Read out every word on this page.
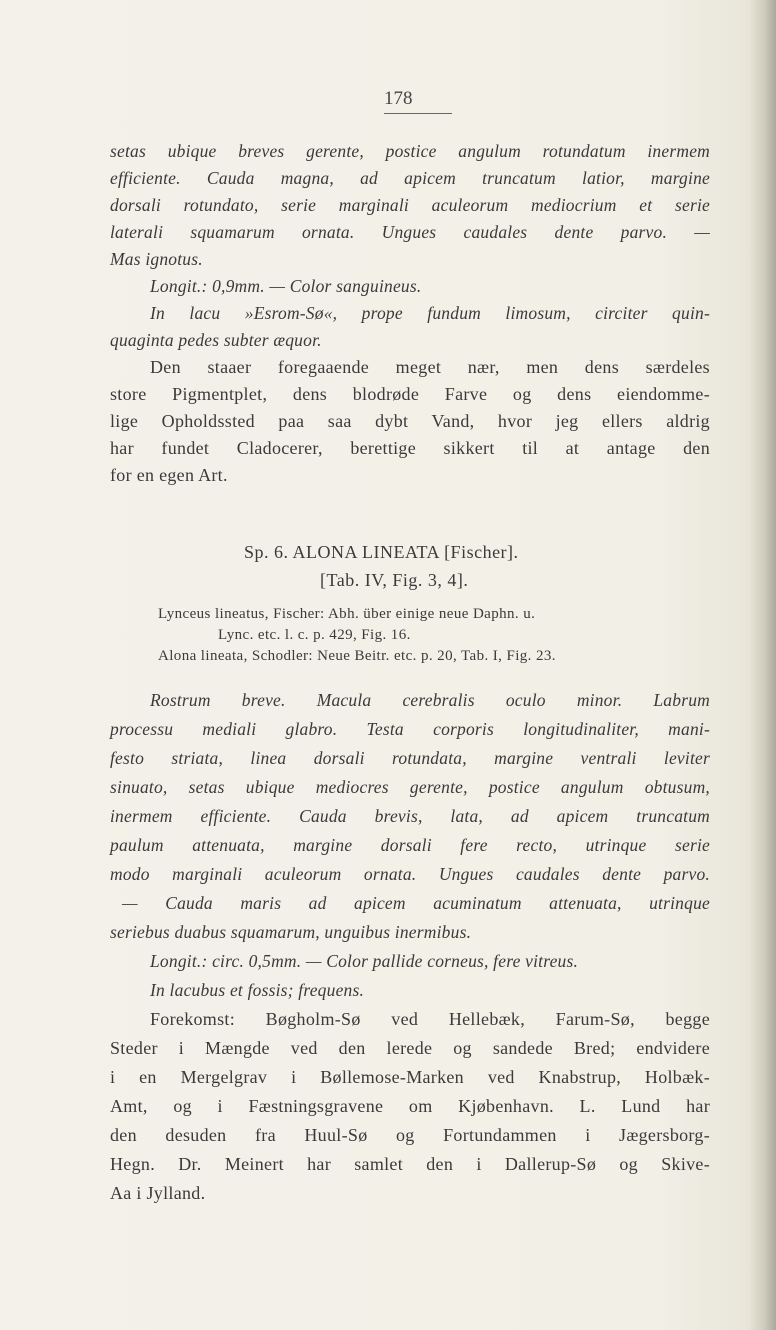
178
setas ubique breves gerente, postice angulum rotundatum inermem
efficiente. Cauda magna, ad apicem truncatum latior, margine
dorsali rotundato, serie marginali aculeorum mediocrium et serie
laterali squamarum ornata. Ungues caudales dente parvo. —
Mas ignotus.
Longit.: 0,9mm. — Color sanguineus.
In lacu »Esrom-Sø«, prope fundum limosum, circiter quin-
quaginta pedes subter æquor.
Den staaer foregaaende meget nær, men dens særdeles
store Pigmentplet, dens blodrøde Farve og dens eiendomme-
lige Opholdssted paa saa dybt Vand, hvor jeg ellers aldrig
har fundet Cladocerer, berettige sikkert til at antage den
for en egen Art.
Sp. 6. ALONA LINEATA [Fischer].
[Tab. IV, Fig. 3, 4].
Lynceus lineatus, Fischer: Abh. über einige neue Daphn. u.
Lync. etc. l. c. p. 429, Fig. 16.
Alona lineata, Schodler: Neue Beitr. etc. p. 20, Tab. I, Fig. 23.
Rostrum breve. Macula cerebralis oculo minor. Labrum
processu mediali glabro. Testa corporis longitudinaliter, mani-
festo striata, linea dorsali rotundata, margine ventrali leviter
sinuato, setas ubique mediocres gerente, postice angulum obtusum,
inermem efficiente. Cauda brevis, lata, ad apicem truncatum
paulum attenuata, margine dorsali fere recto, utrinque serie
modo marginali aculeorum ornata. Ungues caudales dente parvo.
— Cauda maris ad apicem acuminatum attenuata, utrinque
seriebus duabus squamarum, unguibus inermibus.
Longit.: circ. 0,5mm. — Color pallide corneus, fere vitreus.
In lacubus et fossis; frequens.
Forekomst: Bøgholm-Sø ved Hellebæk, Farum-Sø, begge
Steder i Mængde ved den lerede og sandede Bred; endvidere
i en Mergelgrav i Bøllemose-Marken ved Knabstrup, Holbæk-
Amt, og i Fæstningsgravene om Kjøbenhavn. L. Lund har
den desuden fra Huul-Sø og Fortundammen i Jægersborg-
Hegn. Dr. Meinert har samlet den i Dallerup-Sø og Skive-
Aa i Jylland.
